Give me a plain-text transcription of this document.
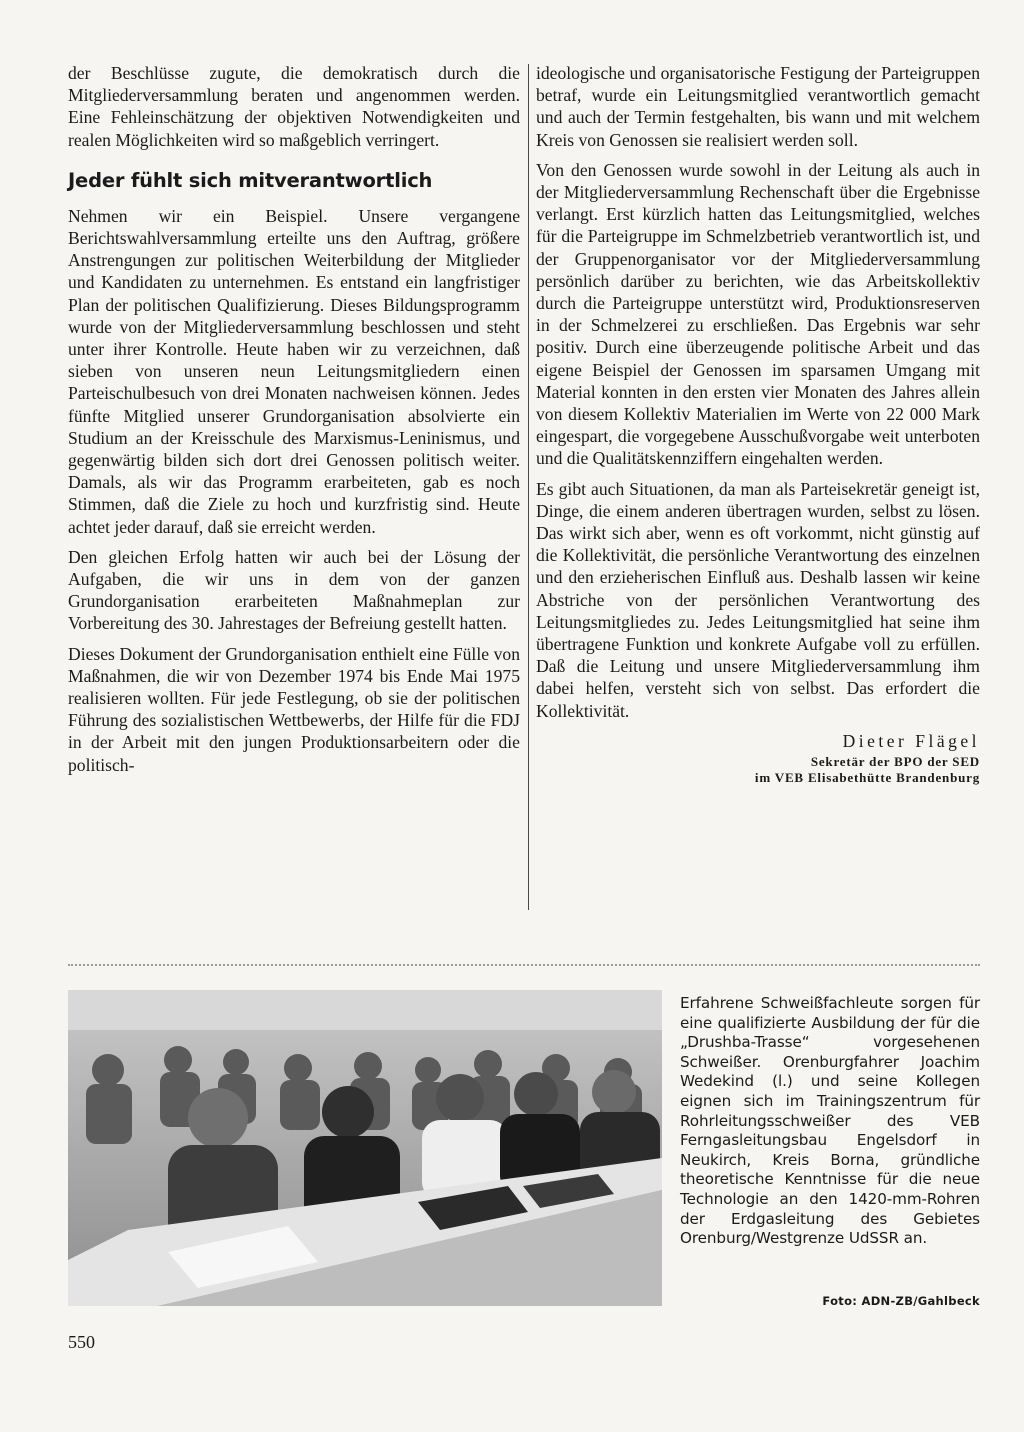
der Beschlüsse zugute, die demokratisch durch die Mitgliederversammlung beraten und angenommen werden. Eine Fehleinschätzung der objektiven Notwendigkeiten und realen Möglichkeiten wird so maßgeblich verringert.

Jeder fühlt sich mitverantwortlich

Nehmen wir ein Beispiel. Unsere vergangene Berichtswahlversammlung erteilte uns den Auftrag, größere Anstrengungen zur politischen Weiterbildung der Mitglieder und Kandidaten zu unternehmen. Es entstand ein langfristiger Plan der politischen Qualifizierung. Dieses Bildungsprogramm wurde von der Mitgliederversammlung beschlossen und steht unter ihrer Kontrolle. Heute haben wir zu verzeichnen, daß sieben von unseren neun Leitungsmitgliedern einen Parteischulbesuch von drei Monaten nachweisen können. Jedes fünfte Mitglied unserer Grundorganisation absolvierte ein Studium an der Kreisschule des Marxismus-Leninismus, und gegenwärtig bilden sich dort drei Genossen politisch weiter. Damals, als wir das Programm erarbeiteten, gab es noch Stimmen, daß die Ziele zu hoch und kurzfristig sind. Heute achtet jeder darauf, daß sie erreicht werden.

Den gleichen Erfolg hatten wir auch bei der Lösung der Aufgaben, die wir uns in dem von der ganzen Grundorganisation erarbeiteten Maßnahmeplan zur Vorbereitung des 30. Jahrestages der Befreiung gestellt hatten.

Dieses Dokument der Grundorganisation enthielt eine Fülle von Maßnahmen, die wir von Dezember 1974 bis Ende Mai 1975 realisieren wollten. Für jede Festlegung, ob sie der politischen Führung des sozialistischen Wettbewerbs, der Hilfe für die FDJ in der Arbeit mit den jungen Produktionsarbeitern oder die politisch-

ideologische und organisatorische Festigung der Parteigruppen betraf, wurde ein Leitungsmitglied verantwortlich gemacht und auch der Termin festgehalten, bis wann und mit welchem Kreis von Genossen sie realisiert werden soll.

Von den Genossen wurde sowohl in der Leitung als auch in der Mitgliederversammlung Rechenschaft über die Ergebnisse verlangt. Erst kürzlich hatten das Leitungsmitglied, welches für die Parteigruppe im Schmelzbetrieb verantwortlich ist, und der Gruppenorganisator vor der Mitgliederversammlung persönlich darüber zu berichten, wie das Arbeitskollektiv durch die Parteigruppe unterstützt wird, Produktionsreserven in der Schmelzerei zu erschließen. Das Ergebnis war sehr positiv. Durch eine überzeugende politische Arbeit und das eigene Beispiel der Genossen im sparsamen Umgang mit Material konnten in den ersten vier Monaten des Jahres allein von diesem Kollektiv Materialien im Werte von 22 000 Mark eingespart, die vorgegebene Ausschußvorgabe weit unterboten und die Qualitätskennziffern eingehalten werden.

Es gibt auch Situationen, da man als Parteisekretär geneigt ist, Dinge, die einem anderen übertragen wurden, selbst zu lösen. Das wirkt sich aber, wenn es oft vorkommt, nicht günstig auf die Kollektivität, die persönliche Verantwortung des einzelnen und den erzieherischen Einfluß aus. Deshalb lassen wir keine Abstriche von der persönlichen Verantwortung des Leitungsmitgliedes zu. Jedes Leitungsmitglied hat seine ihm übertragene Funktion und konkrete Aufgabe voll zu erfüllen. Daß die Leitung und unsere Mitgliederversammlung ihm dabei helfen, versteht sich von selbst. Das erfordert die Kollektivität.

Dieter Flägel
Sekretär der BPO der SED
im VEB Elisabethütte Brandenburg
Erfahrene Schweißfachleute sorgen für eine qualifizierte Ausbildung der für die „Drushba-Trasse“ vorgesehenen Schweißer. Orenburgfahrer Joachim Wedekind (l.) und seine Kollegen eignen sich im Trainingszentrum für Rohrleitungsschweißer des VEB Ferngasleitungsbau Engelsdorf in Neukirch, Kreis Borna, gründliche theoretische Kenntnisse für die neue Technologie an den 1420-mm-Rohren der Erdgasleitung des Gebietes Orenburg/Westgrenze UdSSR an.
Foto: ADN-ZB/Gahlbeck
550
